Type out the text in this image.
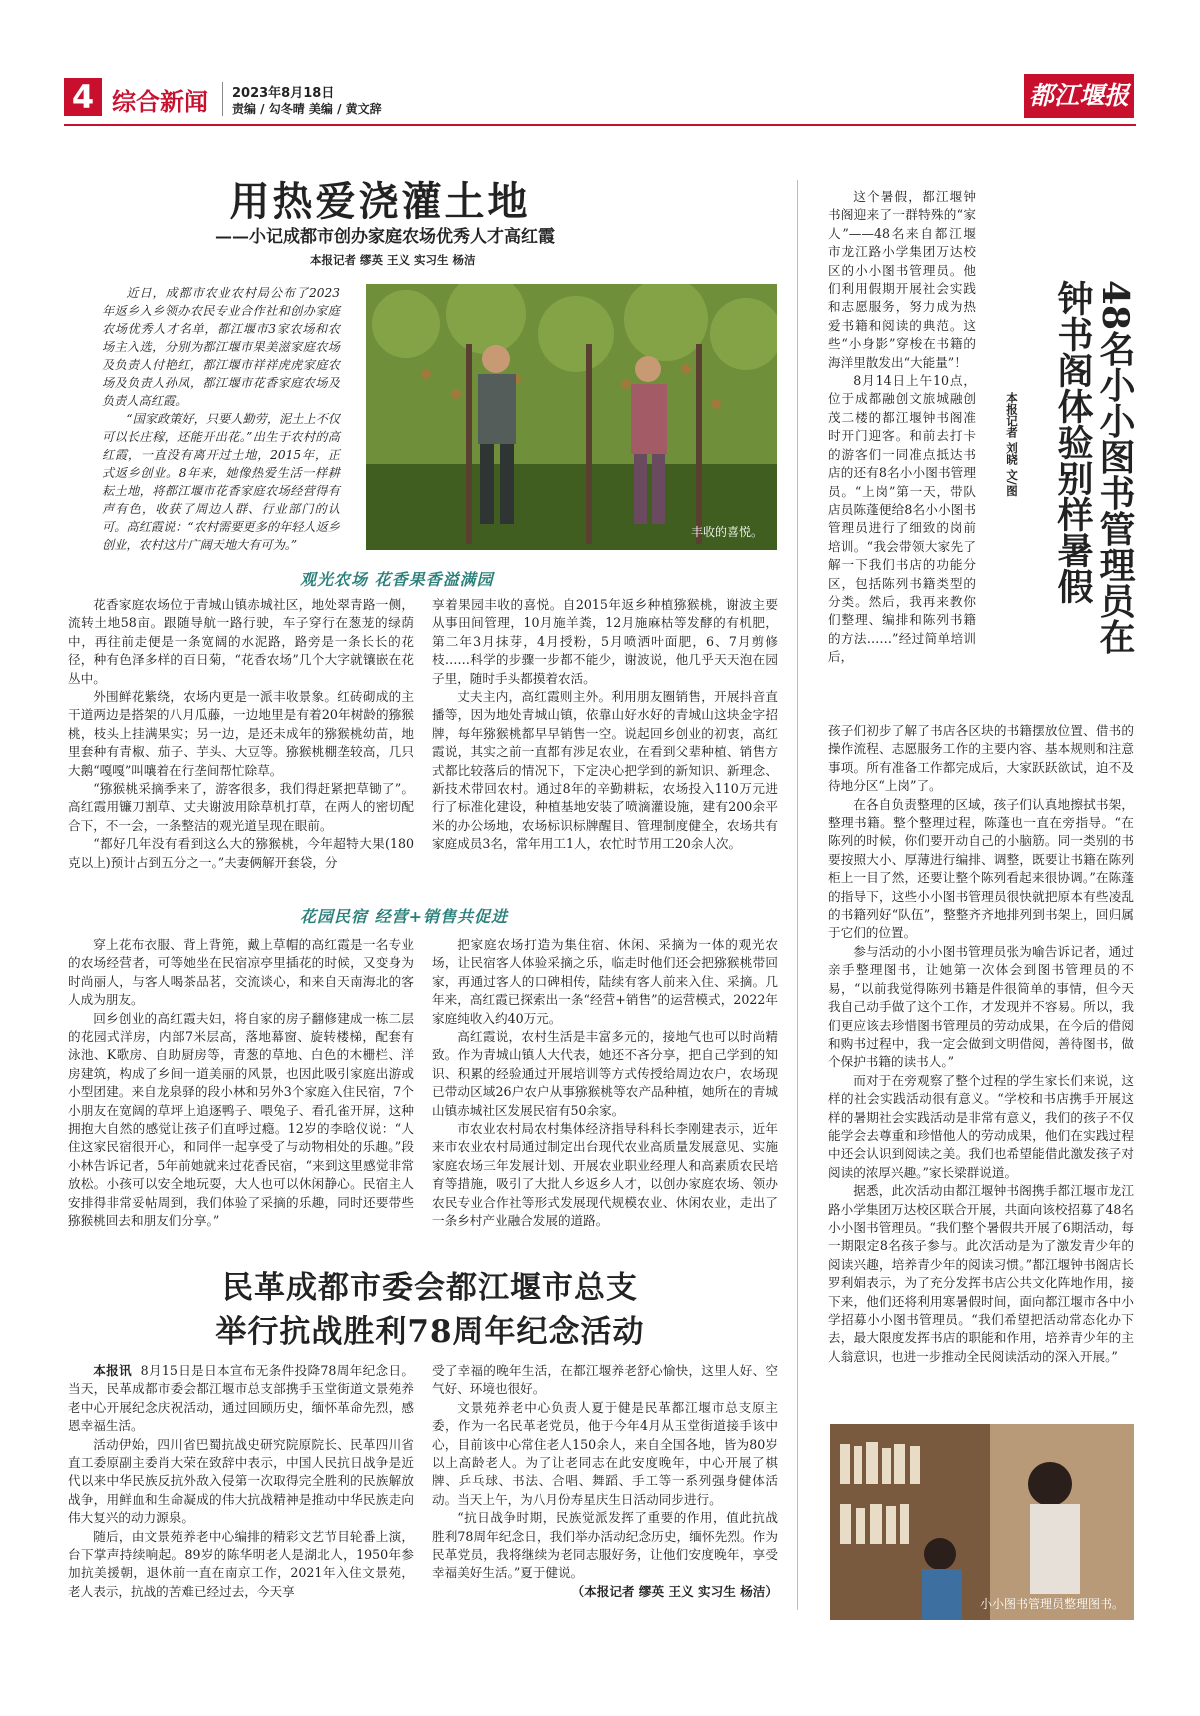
4 综合新闻 2023年8月18日
责编 / 勾冬晴 美编 / 黄文辞	都江堰报
用热爱浇灌土地
——小记成都市创办家庭农场优秀人才高红霞
本报记者 缪英 王义 实习生 杨洁

近日，成都市农业农村局公布了2023年返乡入乡领办农民专业合作社和创办家庭农场优秀人才名单，都江堰市3家农场和农场主入选，分别为都江堰市果美滋家庭农场及负责人付艳红，都江堰市祥祥虎虎家庭农场及负责人孙凤，都江堰市花香家庭农场及负责人高红霞。

“国家政策好，只要人勤劳，泥土上不仅可以长庄稼，还能开出花。”出生于农村的高红霞，一直没有离开过土地，2015年，正式返乡创业。8年来，她像热爱生活一样耕耘土地，将都江堰市花香家庭农场经营得有声有色，收获了周边人群、行业部门的认可。高红霞说：“农村需要更多的年轻人返乡创业，农村这片广阔天地大有可为。”

丰收的喜悦。
观光农场 花香果香溢满园

花香家庭农场位于青城山镇赤城社区，地处翠青路一侧，流转土地58亩。跟随导航一路行驶，车子穿行在葱茏的绿荫中，再往前走便是一条宽阔的水泥路，路旁是一条长长的花径，种有色泽多样的百日菊，“花香农场”几个大字就镶嵌在花丛中。

外围鲜花紫绕，农场内更是一派丰收景象。红砖砌成的主干道两边是搭架的八月瓜藤，一边地里是有着20年树龄的猕猴桃，枝头上挂满果实；另一边，是还未成年的猕猴桃幼苗，地里套种有青椒、茄子、芋头、大豆等。猕猴桃棚垄较高，几只大鹅“嘎嘎”叫嚷着在行垄间帮忙除草。

“猕猴桃采摘季来了，游客很多，我们得赶紧把草锄了”。高红霞用镰刀割草、丈夫谢波用除草机打草，在两人的密切配合下，不一会，一条整洁的观光道呈现在眼前。

“都好几年没有看到这么大的猕猴桃，今年超特大果(180克以上)预计占到五分之一。”夫妻俩解开套袋，分

享着果园丰收的喜悦。自2015年返乡种植猕猴桃，谢波主要从事田间管理，10月施羊粪，12月施麻枯等发酵的有机肥，第二年3月抹芽，4月授粉，5月喷洒叶面肥，6、7月剪修枝……科学的步骤一步都不能少，谢波说，他几乎天天泡在园子里，随时手头都摸着农活。

丈夫主内，高红霞则主外。利用朋友圈销售，开展抖音直播等，因为地处青城山镇，依靠山好水好的青城山这块金字招牌，每年猕猴桃都早早销售一空。说起回乡创业的初衷，高红霞说，其实之前一直都有涉足农业，在看到父辈种植、销售方式都比较落后的情况下，下定决心把学到的新知识、新理念、新技术带回农村。通过8年的辛勤耕耘，农场投入110万元进行了标准化建设，种植基地安装了喷滴灌设施，建有200余平米的办公场地，农场标识标牌醒目、管理制度健全，农场共有家庭成员3名，常年用工1人，农忙时节用工20余人次。

花园民宿 经营+销售共促进

穿上花布衣服、背上背篼，戴上草帽的高红霞是一名专业的农场经营者，可等她坐在民宿凉亭里插花的时候，又变身为时尚丽人，与客人喝茶品茗，交流谈心，和来自天南海北的客人成为朋友。

回乡创业的高红霞夫妇，将自家的房子翻修建成一栋二层的花园式洋房，内部7米层高，落地幕窗、旋转楼梯，配套有泳池、K歌房、自助厨房等，青葱的草地、白色的木栅栏、洋房建筑，构成了乡间一道美丽的风景，也因此吸引家庭出游或小型团建。来自龙泉驿的段小林和另外3个家庭入住民宿，7个小朋友在宽阔的草坪上追逐鸭子、喂兔子、看孔雀开屏，这种拥抱大自然的感觉让孩子们直呼过瘾。12岁的李晗仪说：“人住这家民宿很开心，和同伴一起享受了与动物相处的乐趣。”段小林告诉记者，5年前她就来过花香民宿，“来到这里感觉非常放松。小孩可以安全地玩耍，大人也可以休闲静心。民宿主人安排得非常妥帖周到，我们体验了采摘的乐趣，同时还要带些猕猴桃回去和朋友们分享。”

把家庭农场打造为集住宿、休闲、采摘为一体的观光农场，让民宿客人体验采摘之乐，临走时他们还会把猕猴桃带回家，再通过客人的口碑相传，陆续有客人前来入住、采摘。几年来，高红霞已探索出一条“经营+销售”的运营模式，2022年家庭纯收入约40万元。

高红霞说，农村生活是丰富多元的，接地气也可以时尚精致。作为青城山镇人大代表，她还不吝分享，把自己学到的知识、积累的经验通过开展培训等方式传授给周边农户，农场现已带动区域26户农户从事猕猴桃等农产品种植，她所在的青城山镇赤城社区发展民宿有50余家。

市农业农村局农村集体经济指导科科长李刚建表示，近年来市农业农村局通过制定出台现代农业高质量发展意见、实施家庭农场三年发展计划、开展农业职业经理人和高素质农民培育等措施，吸引了大批人乡返乡人才，以创办家庭农场、领办农民专业合作社等形式发展现代规模农业、休闲农业，走出了一条乡村产业融合发展的道路。

民革成都市委会都江堰市总支
举行抗战胜利78周年纪念活动

本报讯 8月15日是日本宣布无条件投降78周年纪念日。当天，民革成都市委会都江堰市总支部携手玉堂街道文景苑养老中心开展纪念庆祝活动，通过回顾历史，缅怀革命先烈，感恩幸福生活。

活动伊始，四川省巴蜀抗战史研究院原院长、民革四川省直工委原副主委肖大荣在致辞中表示，中国人民抗日战争是近代以来中华民族反抗外敌入侵第一次取得完全胜利的民族解放战争，用鲜血和生命凝成的伟大抗战精神是推动中华民族走向伟大复兴的动力源泉。

随后，由文景苑养老中心编排的精彩文艺节目轮番上演，台下掌声持续响起。89岁的陈华明老人是湖北人，1950年参加抗美援朝，退休前一直在南京工作，2021年入住文景苑，老人表示，抗战的苦难已经过去，今天享

受了幸福的晚年生活，在都江堰养老舒心愉快，这里人好、空气好、环境也很好。

文景苑养老中心负责人夏于健是民革都江堰市总支原主委，作为一名民革老党员，他于今年4月从玉堂街道接手该中心，目前该中心常住老人150余人，来自全国各地，皆为80岁以上高龄老人。为了让老同志在此安度晚年，中心开展了棋牌、乒乓球、书法、合唱、舞蹈、手工等一系列强身健体活动。当天上午，为八月份寿星庆生日活动同步进行。

“抗日战争时期，民族觉派发挥了重要的作用，值此抗战胜利78周年纪念日，我们举办活动纪念历史，缅怀先烈。作为民革党员，我将继续为老同志服好务，让他们安度晚年，享受幸福美好生活。”夏于健说。

（本报记者 缪英 王义 实习生 杨洁）

这个暑假，都江堰钟书阁迎来了一群特殊的“家人”——48名来自都江堰市龙江路小学集团万达校区的小小图书管理员。他们利用假期开展社会实践和志愿服务，努力成为热爱书籍和阅读的典范。这些“小身影”穿梭在书籍的海洋里散发出“大能量”！

8月14日上午10点，位于成都融创文旅城融创茂二楼的都江堰钟书阁准时开门迎客。和前去打卡的游客们一同准点抵达书店的还有8名小小图书管理员。“上岗”第一天，带队店员陈蓬便给8名小小图书管理员进行了细致的岗前培训。“我会带领大家先了解一下我们书店的功能分区，包括陈列书籍类型的分类。然后，我再来教你们整理、编排和陈列书籍的方法……”经过简单培训后，

48名小小图书管理员在钟书阁体验别样暑假
本报记者 刘晓 文/图

孩子们初步了解了书店各区块的书籍摆放位置、借书的操作流程、志愿服务工作的主要内容、基本规则和注意事项。所有准备工作都完成后，大家跃跃欲试，迫不及待地分区“上岗”了。

在各自负责整理的区域，孩子们认真地擦拭书架，整理书籍。整个整理过程，陈蓬也一直在旁指导。“在陈列的时候，你们要开动自己的小脑筋。同一类别的书要按照大小、厚薄进行编排、调整，既要让书籍在陈列柜上一目了然，还要让整个陈列看起来很协调。”在陈蓬的指导下，这些小小图书管理员很快就把原本有些凌乱的书籍列好“队伍”，整整齐齐地排列到书架上，回归属于它们的位置。

参与活动的小小图书管理员张为喻告诉记者，通过亲手整理图书，让她第一次体会到图书管理员的不易，“以前我觉得陈列书籍是件很简单的事情，但今天我自己动手做了这个工作，才发现并不容易。所以，我们更应该去珍惜图书管理员的劳动成果，在今后的借阅和购书过程中，我一定会做到文明借阅，善待图书，做个保护书籍的读书人。”

而对于在旁观察了整个过程的学生家长们来说，这样的社会实践活动很有意义。“学校和书店携手开展这样的暑期社会实践活动是非常有意义，我们的孩子不仅能学会去尊重和珍惜他人的劳动成果，他们在实践过程中还会认识到阅读之美。我们也希望能借此激发孩子对阅读的浓厚兴趣。”家长梁群说道。

据悉，此次活动由都江堰钟书阁携手都江堰市龙江路小学集团万达校区联合开展，共面向该校招募了48名小小图书管理员。“我们整个暑假共开展了6期活动，每一期限定8名孩子参与。此次活动是为了激发青少年的阅读兴趣，培养青少年的阅读习惯。”都江堰钟书阁店长罗利娟表示，为了充分发挥书店公共文化阵地作用，接下来，他们还将利用寒暑假时间，面向都江堰市各中小学招募小小图书管理员。“我们希望把活动常态化办下去，最大限度发挥书店的职能和作用，培养青少年的主人翁意识，也进一步推动全民阅读活动的深入开展。”

小小图书管理员整理图书。
